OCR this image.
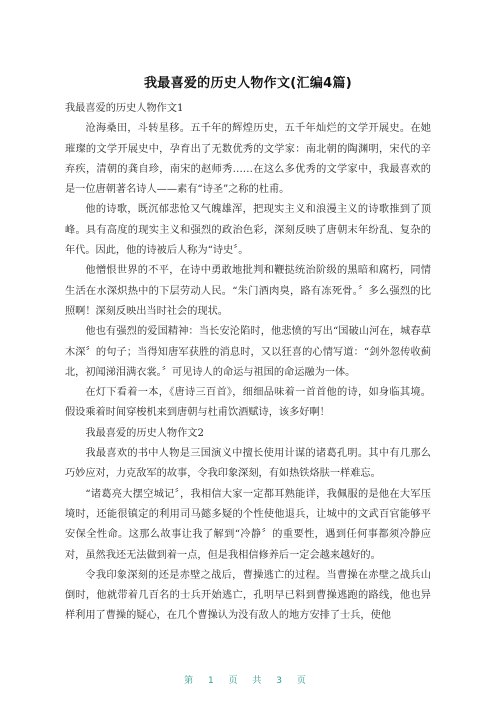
我最喜爱的历史人物作文(汇编4篇)

我最喜爱的历史人物作文1

沧海桑田，斗转星移。五千年的辉煌历史，五千年灿烂的文学开展史。在她璀璨的文学开展史中，孕育出了无数优秀的文学家：南北朝的陶渊明，宋代的辛弃疾，清朝的龚自珍，南宋的赵师秀……在这么多优秀的文学家中，我最喜欢的是一位唐朝著名诗人——素有“诗圣”之称的杜甫。

他的诗歌，既沉郁悲怆又气魄雄浑，把现实主义和浪漫主义的诗歌推到了顶峰。具有高度的现实主义和强烈的政治色彩，深刻反映了唐朝末年纷乱、复杂的年代。因此，他的诗被后人称为“诗史〞。

他憎恨世界的不平，在诗中勇敢地批判和鞭挞统治阶级的黑暗和腐朽，同情生活在水深炽热中的下层劳动人民。“朱门酒肉臭，路有冻死骨。〞多么强烈的比照啊！深刻反映出当时社会的现状。

他也有强烈的爱国精神：当长安沦陷时，他悲愤的写出“国破山河在，城春草木深〞的句子；当得知唐军获胜的消息时，又以狂喜的心情写道：“剑外忽传收蓟北，初闻涕泪满衣裳。〞可见诗人的命运与祖国的命运融为一体。

在灯下看着一本，《唐诗三百首》，细细品味着一首首他的诗，如身临其境。假设乘着时间穿梭机来到唐朝与杜甫饮酒赋诗，该多好啊！

我最喜爱的历史人物作文2

我最喜欢的书中人物是三国演义中擅长使用计谋的诸葛孔明。其中有几那么巧妙应对，力克敌军的故事，令我印象深刻，有如热铁烙肤一样难忘。

“诸葛亮大摆空城记〞，我相信大家一定都耳熟能详，我佩服的是他在大军压境时，还能很镇定的利用司马懿多疑的个性使他退兵，让城中的文武百官能够平安保全性命。这那么故事让我了解到“冷静〞的重要性，遇到任何事都须冷静应对，虽然我还无法做到着一点，但是我相信修养后一定会越来越好的。

令我印象深刻的还是赤壁之战后，曹操逃亡的过程。当曹操在赤壁之战兵山倒时，他就带着几百名的士兵开始逃亡，孔明早已料到曹操逃跑的路线，他也异样利用了曹操的疑心，在几个曹操认为没有敌人的地方安排了士兵，使他

第 1 页 共 3 页
